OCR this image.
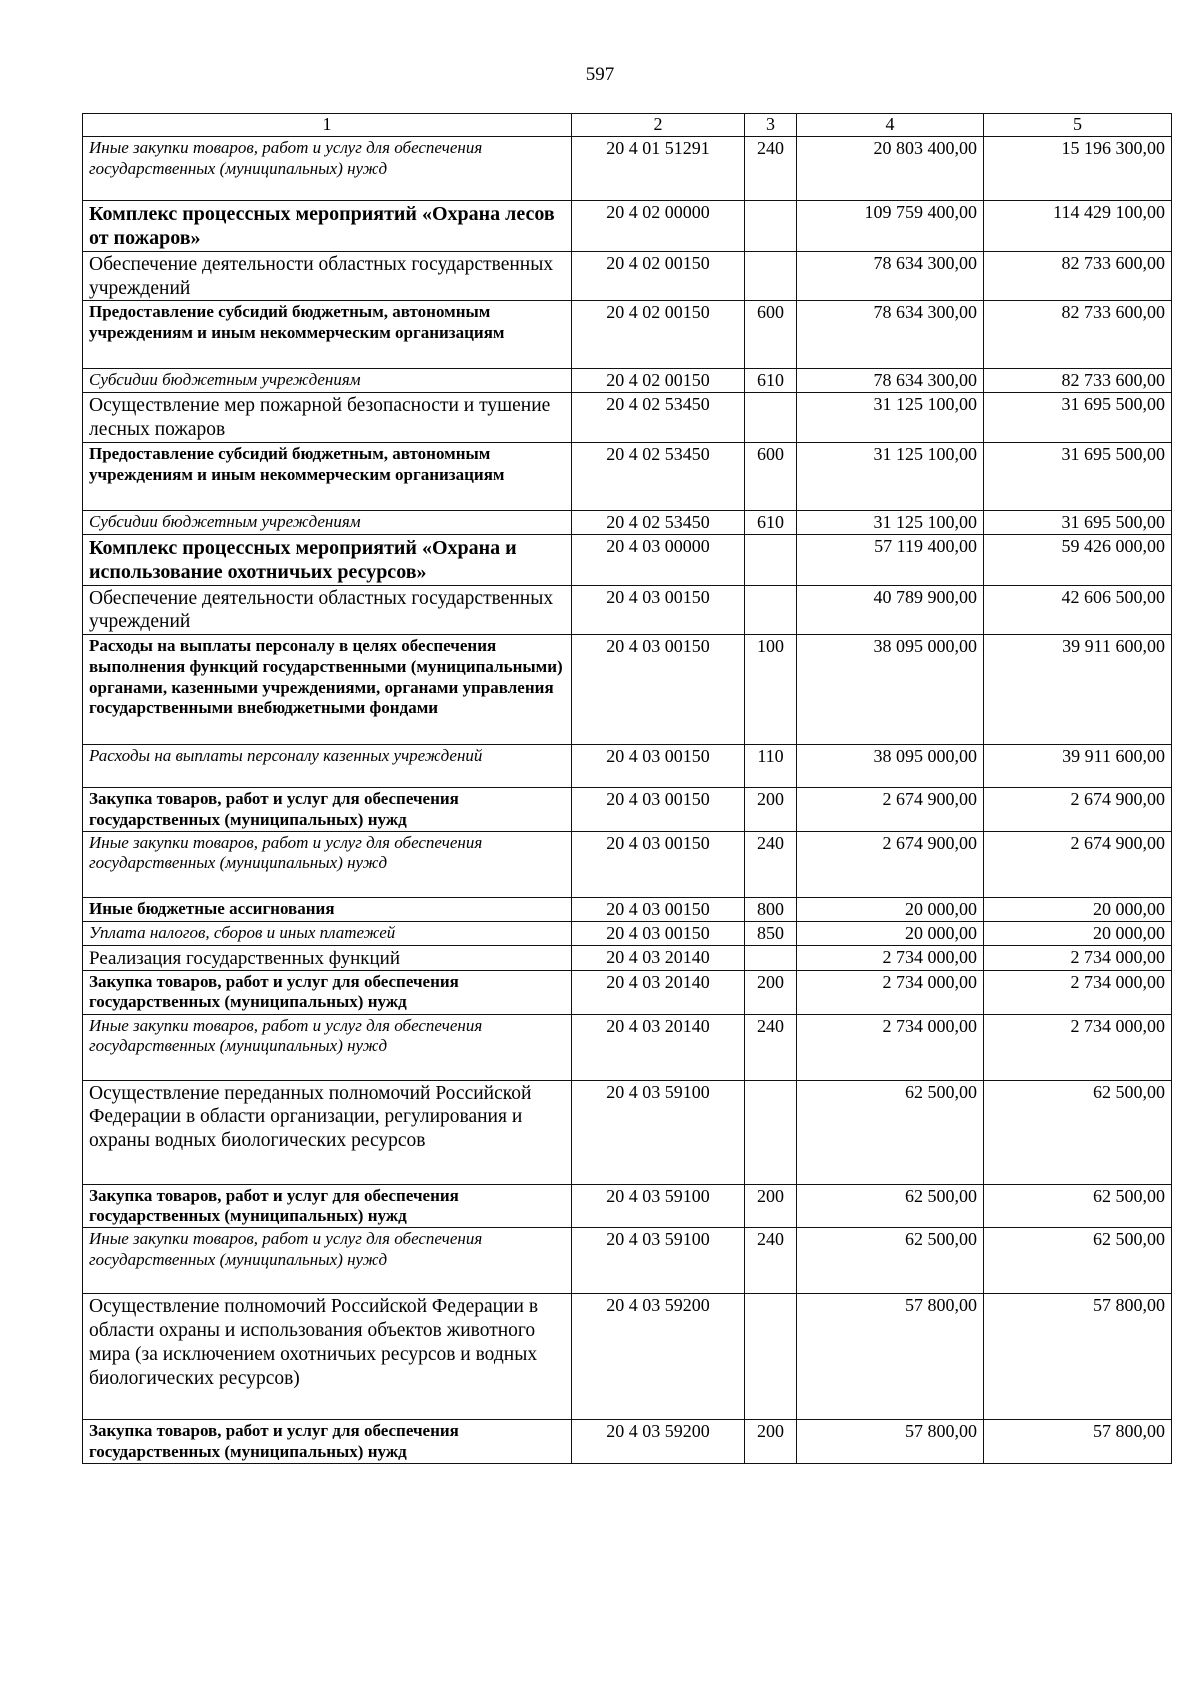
597
1	2	3	4	5
Иные закупки товаров, работ и услуг для обеспечения государственных (муниципальных) нужд	20 4 01 51291	240	20 803 400,00	15 196 300,00
Комплекс процессных мероприятий «Охрана лесов от пожаров»	20 4 02 00000		109 759 400,00	114 429 100,00
Обеспечение деятельности областных государственных учреждений	20 4 02 00150		78 634 300,00	82 733 600,00
Предоставление субсидий бюджетным, автономным учреждениям и иным некоммерческим организациям	20 4 02 00150	600	78 634 300,00	82 733 600,00
Субсидии бюджетным учреждениям	20 4 02 00150	610	78 634 300,00	82 733 600,00
Осуществление мер пожарной безопасности и тушение лесных пожаров	20 4 02 53450		31 125 100,00	31 695 500,00
Предоставление субсидий бюджетным, автономным учреждениям и иным некоммерческим организациям	20 4 02 53450	600	31 125 100,00	31 695 500,00
Субсидии бюджетным учреждениям	20 4 02 53450	610	31 125 100,00	31 695 500,00
Комплекс процессных мероприятий «Охрана и использование охотничьих ресурсов»	20 4 03 00000		57 119 400,00	59 426 000,00
Обеспечение деятельности областных государственных учреждений	20 4 03 00150		40 789 900,00	42 606 500,00
Расходы на выплаты персоналу в целях обеспечения выполнения функций государственными (муниципальными) органами, казенными учреждениями, органами управления государственными внебюджетными фондами	20 4 03 00150	100	38 095 000,00	39 911 600,00
Расходы на выплаты персоналу казенных учреждений	20 4 03 00150	110	38 095 000,00	39 911 600,00
Закупка товаров, работ и услуг для обеспечения государственных (муниципальных) нужд	20 4 03 00150	200	2 674 900,00	2 674 900,00
Иные закупки товаров, работ и услуг для обеспечения государственных (муниципальных) нужд	20 4 03 00150	240	2 674 900,00	2 674 900,00
Иные бюджетные ассигнования	20 4 03 00150	800	20 000,00	20 000,00
Уплата налогов, сборов и иных платежей	20 4 03 00150	850	20 000,00	20 000,00
Реализация государственных функций	20 4 03 20140		2 734 000,00	2 734 000,00
Закупка товаров, работ и услуг для обеспечения государственных (муниципальных) нужд	20 4 03 20140	200	2 734 000,00	2 734 000,00
Иные закупки товаров, работ и услуг для обеспечения государственных (муниципальных) нужд	20 4 03 20140	240	2 734 000,00	2 734 000,00
Осуществление переданных полномочий Российской Федерации в области организации, регулирования и охраны водных биологических ресурсов	20 4 03 59100		62 500,00	62 500,00
Закупка товаров, работ и услуг для обеспечения государственных (муниципальных) нужд	20 4 03 59100	200	62 500,00	62 500,00
Иные закупки товаров, работ и услуг для обеспечения государственных (муниципальных) нужд	20 4 03 59100	240	62 500,00	62 500,00
Осуществление полномочий Российской Федерации в области охраны и использования объектов животного мира (за исключением охотничьих ресурсов и водных биологических ресурсов)	20 4 03 59200		57 800,00	57 800,00
Закупка товаров, работ и услуг для обеспечения государственных (муниципальных) нужд	20 4 03 59200	200	57 800,00	57 800,00
